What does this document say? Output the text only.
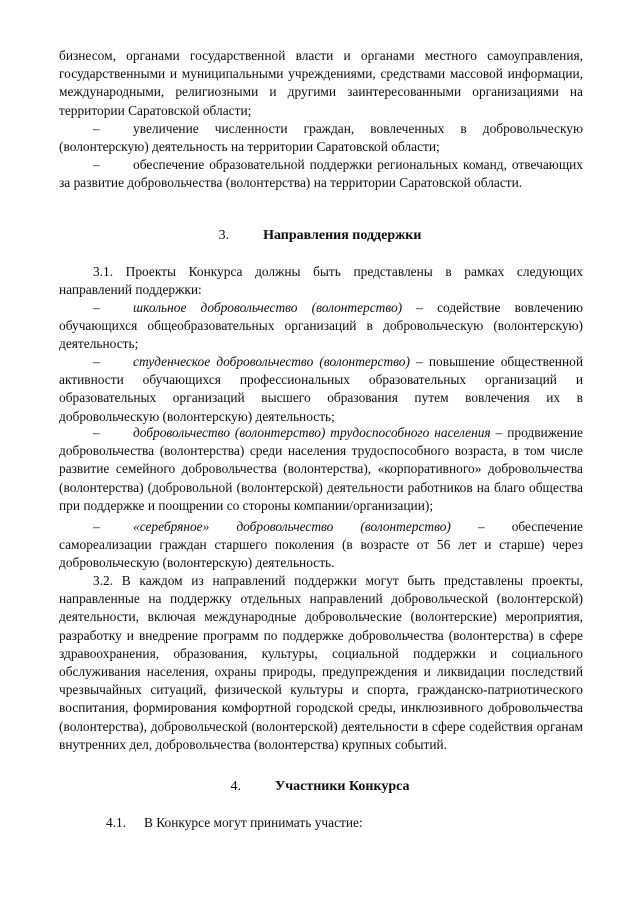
бизнесом, органами государственной власти и органами местного самоуправления, государственными и муниципальными учреждениями, средствами массовой информации, международными, религиозными и другими заинтересованными организациями на территории Саратовской области;

– увеличение численности граждан, вовлеченных в добровольческую (волонтерскую) деятельность на территории Саратовской области;

– обеспечение образовательной поддержки региональных команд, отвечающих за развитие добровольчества (волонтерства) на территории Саратовской области.

3. Направления поддержки

3.1. Проекты Конкурса должны быть представлены в рамках следующих направлений поддержки:

– школьное добровольчество (волонтерство) – содействие вовлечению обучающихся общеобразовательных организаций в добровольческую (волонтерскую) деятельность;

– студенческое добровольчество (волонтерство) – повышение общественной активности обучающихся профессиональных образовательных организаций и образовательных организаций высшего образования путем вовлечения их в добровольческую (волонтерскую) деятельность;

– добровольчество (волонтерство) трудоспособного населения – продвижение добровольчества (волонтерства) среди населения трудоспособного возраста, в том числе развитие семейного добровольчества (волонтерства), «корпоративного» добровольчества (волонтерства) (добровольной (волонтерской) деятельности работников на благо общества при поддержке и поощрении со стороны компании/организации);

– «серебряное» добровольчество (волонтерство) – обеспечение самореализации граждан старшего поколения (в возрасте от 56 лет и старше) через добровольческую (волонтерскую) деятельность.

3.2. В каждом из направлений поддержки могут быть представлены проекты, направленные на поддержку отдельных направлений добровольческой (волонтерской) деятельности, включая международные добровольческие (волонтерские) мероприятия, разработку и внедрение программ по поддержке добровольчества (волонтерства) в сфере здравоохранения, образования, культуры, социальной поддержки и социального обслуживания населения, охраны природы, предупреждения и ликвидации последствий чрезвычайных ситуаций, физической культуры и спорта, гражданско-патриотического воспитания, формирования комфортной городской среды, инклюзивного добровольчества (волонтерства), добровольческой (волонтерской) деятельности в сфере содействия органам внутренних дел, добровольчества (волонтерства) крупных событий.

4. Участники Конкурса

4.1. В Конкурсе могут принимать участие:
